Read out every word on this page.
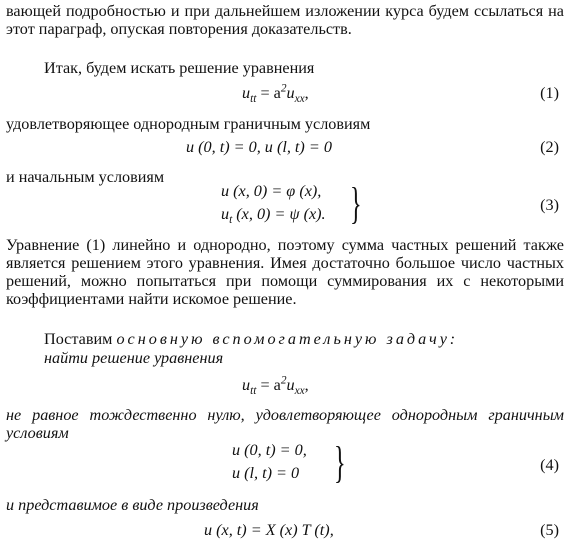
вающей подробностью и при дальнейшем изложении курса будем ссылаться на этот параграф, опуская повторения доказательств.
Итак, будем искать решение уравнения
$u_{tt} = a^2u_{xx}$,	(1)
удовлетворяющее однородным граничным условиям
u (0, t) = 0, u (l, t) = 0	(2)
и начальным условиям
u (x, 0) = φ (x),
$u_t$ (x, 0) = ψ (x). }	(3)
Уравнение (1) линейно и однородно, поэтому сумма частных решений также является решением этого уравнения. Имея достаточно большое число частных решений, можно попытаться при помощи суммирования их с некоторыми коэффициентами найти искомое решение.
Поставим основную вспомогательную задачу:
найти решение уравнения
$u_{tt} = a^2u_{xx}$,
не равное тождественно нулю, удовлетворяющее однородным граничным условиям
u (0, t) = 0,
u (l, t) = 0 }	(4)
и представимое в виде произведения
u (x, t) = X (x) T (t),	(5)
